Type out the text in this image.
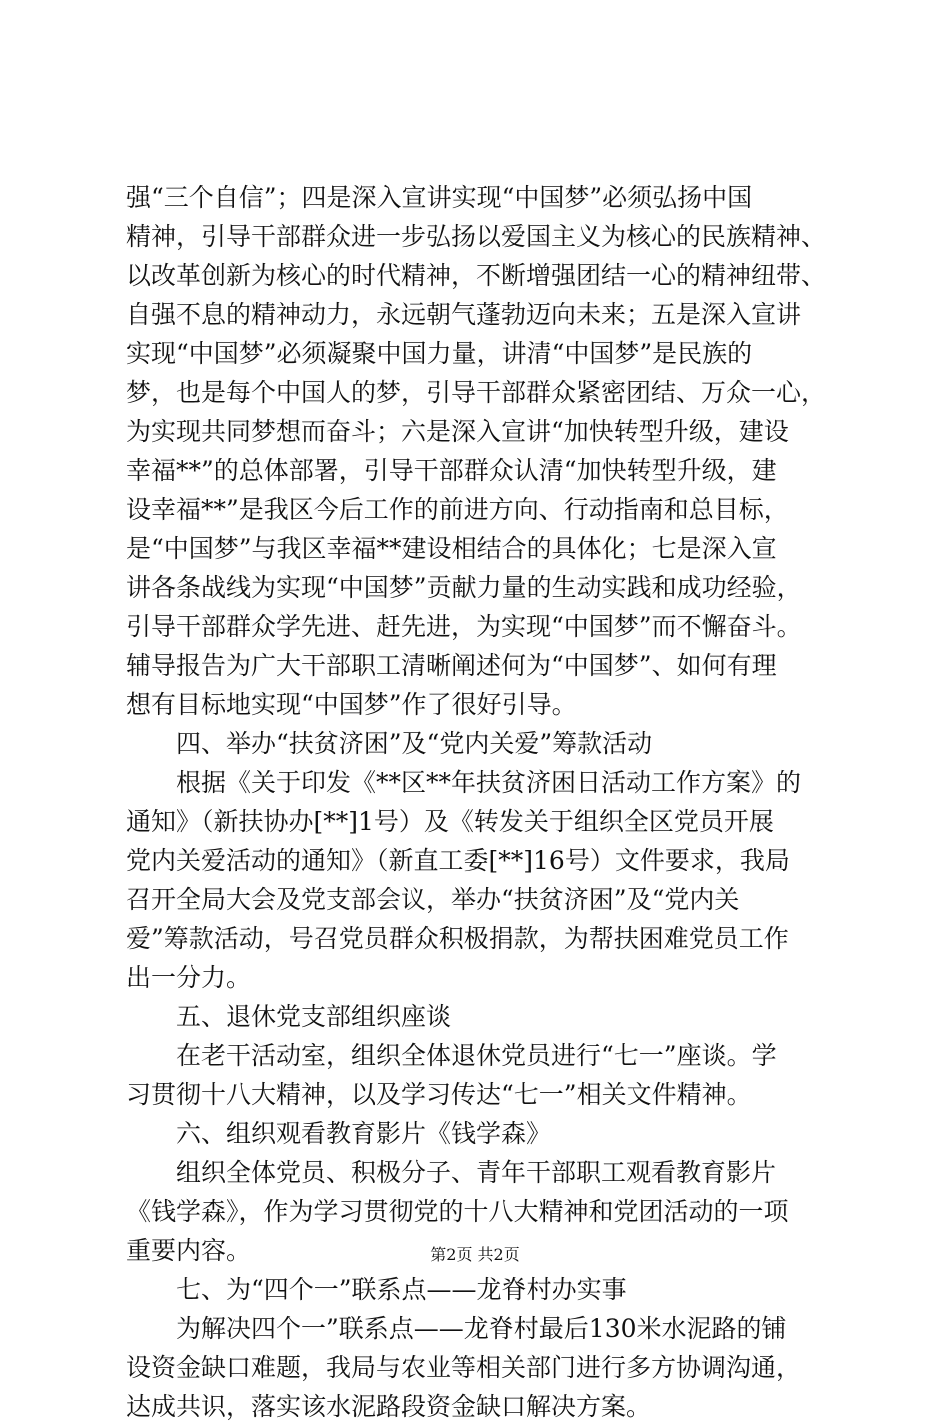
强“三个自信”；四是深入宣讲实现“中国梦”必须弘扬中国
精神，引导干部群众进一步弘扬以爱国主义为核心的民族精神、
以改革创新为核心的时代精神，不断增强团结一心的精神纽带、
自强不息的精神动力，永远朝气蓬勃迈向未来；五是深入宣讲
实现“中国梦”必须凝聚中国力量，讲清“中国梦”是民族的
梦，也是每个中国人的梦，引导干部群众紧密团结、万众一心，
为实现共同梦想而奋斗；六是深入宣讲“加快转型升级，建设
幸福**”的总体部署，引导干部群众认清“加快转型升级，建
设幸福**”是我区今后工作的前进方向、行动指南和总目标，
是“中国梦”与我区幸福**建设相结合的具体化；七是深入宣
讲各条战线为实现“中国梦”贡献力量的生动实践和成功经验，
引导干部群众学先进、赶先进，为实现“中国梦”而不懈奋斗。
辅导报告为广大干部职工清晰阐述何为“中国梦”、如何有理
想有目标地实现“中国梦”作了很好引导。
四、举办“扶贫济困”及“党内关爱”筹款活动
根据《关于印发《**区**年扶贫济困日活动工作方案》的
通知》（新扶协办[**]1号）及《转发关于组织全区党员开展
党内关爱活动的通知》（新直工委[**]16号）文件要求，我局
召开全局大会及党支部会议，举办“扶贫济困”及“党内关
爱”筹款活动，号召党员群众积极捐款，为帮扶困难党员工作
出一分力。
五、退休党支部组织座谈
在老干活动室，组织全体退休党员进行“七一”座谈。学
习贯彻十八大精神，以及学习传达“七一”相关文件精神。
六、组织观看教育影片《钱学森》
组织全体党员、积极分子、青年干部职工观看教育影片
《钱学森》，作为学习贯彻党的十八大精神和党团活动的一项
重要内容。
七、为“四个一”联系点——龙脊村办实事
为解决四个一”联系点——龙脊村最后130米水泥路的铺
设资金缺口难题，我局与农业等相关部门进行多方协调沟通，
达成共识，落实该水泥路段资金缺口解决方案。
第2页 共2页
